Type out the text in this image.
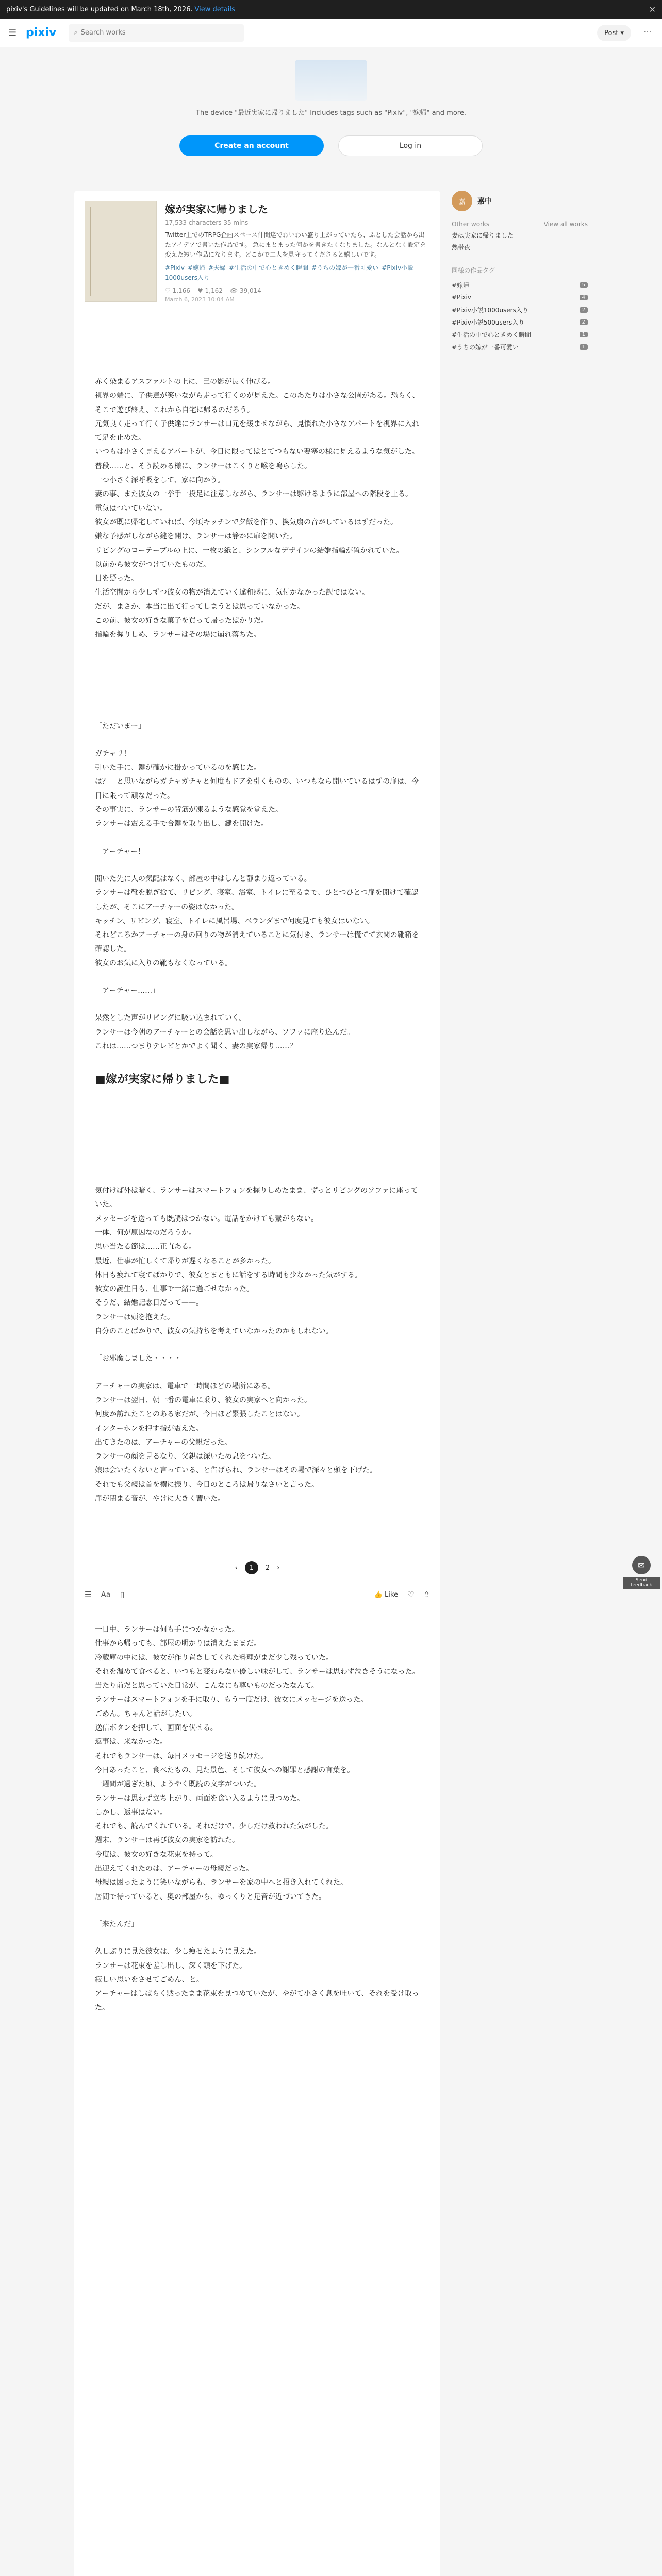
pixiv's Guidelines will be updated on March 18th, 2026. View details	✕
☰ pixiv	⌕
Search works	Post ▾	⋯
The device "最近実家に帰りました" Includes tags such as "Pixiv", "嫁帰" and more.
Create an account	Log in
嫁が実家に帰りました
17,533 characters 35 mins
Twitter上でのTRPG企画スペース仲間達でわいわい盛り上がっていたら、ふとした会話から出たアイデアで書いた作品です。 急にまとまった何かを書きたくなりました。なんとなく設定を変えた短い作品になります。どこかで二人を見守ってくださると嬉しいです。
#Pixiv #嫁帰 #夫婦 #生活の中で心ときめく瞬間 #うちの嫁が一番可愛い #Pixiv小説1000users入り
♡ 1,166 ♥ 1,162 👁 39,014
March 6, 2023 10:04 AM

赤く染まるアスファルトの上に、己の影が長く伸びる。

視界の端に、子供達が笑いながら走って行くのが見えた。このあたりは小さな公園がある。恐らく、そこで遊び終え、これから自宅に帰るのだろう。

元気良く走って行く子供達にランサーは口元を緩ませながら、見慣れた小さなアパートを視界に入れて足を止めた。

いつもは小さく見えるアパートが、今日に限ってはとてつもない要塞の様に見えるような気がした。

普段……と、そう読める様に、ランサーはこくりと喉を鳴らした。

一つ小さく深呼吸をして、家に向かう。

妻の事、また彼女の一挙手一投足に注意しながら、ランサーは駆けるように部屋への階段を上る。

電気はついていない。

彼女が既に帰宅していれば、今頃キッチンで夕飯を作り、換気扇の音がしているはずだった。

嫌な予感がしながら鍵を開け、ランサーは静かに扉を開いた。

リビングのローテーブルの上に、一枚の紙と、シンプルなデザインの結婚指輪が置かれていた。

以前から彼女がつけていたものだ。

目を疑った。

生活空間から少しずつ彼女の物が消えていく違和感に、気付かなかった訳ではない。

だが、まさか、本当に出て行ってしまうとは思っていなかった。

この前、彼女の好きな菓子を買って帰ったばかりだ。

指輪を握りしめ、ランサーはその場に崩れ落ちた。

「ただいまー」

ガチャリ！

引いた手に、鍵が確かに掛かっているのを感じた。

は？　と思いながらガチャガチャと何度もドアを引くものの、いつもなら開いているはずの扉は、今日に限って頑なだった。

その事実に、ランサーの背筋が凍るような感覚を覚えた。

ランサーは震える手で合鍵を取り出し、鍵を開けた。

「アーチャー！」

開いた先に人の気配はなく、部屋の中はしんと静まり返っている。

ランサーは靴を脱ぎ捨て、リビング、寝室、浴室、トイレに至るまで、ひとつひとつ扉を開けて確認したが、そこにアーチャーの姿はなかった。

キッチン、リビング、寝室、トイレに風呂場、ベランダまで何度見ても彼女はいない。

それどころかアーチャーの身の回りの物が消えていることに気付き、ランサーは慌てて玄関の靴箱を確認した。

彼女のお気に入りの靴もなくなっている。

「アーチャー……」

呆然とした声がリビングに吸い込まれていく。

ランサーは今朝のアーチャーとの会話を思い出しながら、ソファに座り込んだ。

これは……つまりテレビとかでよく聞く、妻の実家帰り……？

■嫁が実家に帰りました■

気付けば外は暗く、ランサーはスマートフォンを握りしめたまま、ずっとリビングのソファに座っていた。

メッセージを送っても既読はつかない。電話をかけても繋がらない。

一体、何が原因なのだろうか。

思い当たる節は……正直ある。

最近、仕事が忙しくて帰りが遅くなることが多かった。

休日も疲れて寝てばかりで、彼女とまともに話をする時間も少なかった気がする。

彼女の誕生日も、仕事で一緒に過ごせなかった。

そうだ、結婚記念日だって——。

ランサーは頭を抱えた。

自分のことばかりで、彼女の気持ちを考えていなかったのかもしれない。

「お邪魔しました・・・・」

アーチャーの実家は、電車で一時間ほどの場所にある。

ランサーは翌日、朝一番の電車に乗り、彼女の実家へと向かった。

何度か訪れたことのある家だが、今日ほど緊張したことはない。

インターホンを押す指が震えた。

出てきたのは、アーチャーの父親だった。

ランサーの顔を見るなり、父親は深いため息をついた。

娘は会いたくないと言っている、と告げられ、ランサーはその場で深々と頭を下げた。

それでも父親は首を横に振り、今日のところは帰りなさいと言った。

扉が閉まる音が、やけに大きく響いた。

‹	1	2 ›
☰ Aa ▯	👍 Like ♡ ⇪

一日中、ランサーは何も手につかなかった。

仕事から帰っても、部屋の明かりは消えたままだ。

冷蔵庫の中には、彼女が作り置きしてくれた料理がまだ少し残っていた。

それを温めて食べると、いつもと変わらない優しい味がして、ランサーは思わず泣きそうになった。

当たり前だと思っていた日常が、こんなにも尊いものだったなんて。

ランサーはスマートフォンを手に取り、もう一度だけ、彼女にメッセージを送った。

ごめん。ちゃんと話がしたい。

送信ボタンを押して、画面を伏せる。

返事は、来なかった。

それでもランサーは、毎日メッセージを送り続けた。

今日あったこと、食べたもの、見た景色、そして彼女への謝罪と感謝の言葉を。

一週間が過ぎた頃、ようやく既読の文字がついた。

ランサーは思わず立ち上がり、画面を食い入るように見つめた。

しかし、返事はない。

それでも、読んでくれている。それだけで、少しだけ救われた気がした。

週末、ランサーは再び彼女の実家を訪れた。

今度は、彼女の好きな花束を持って。

出迎えてくれたのは、アーチャーの母親だった。

母親は困ったように笑いながらも、ランサーを家の中へと招き入れてくれた。

居間で待っていると、奥の部屋から、ゆっくりと足音が近づいてきた。

「来たんだ」

久しぶりに見た彼女は、少し痩せたように見えた。

ランサーは花束を差し出し、深く頭を下げた。

寂しい思いをさせてごめん、と。

アーチャーはしばらく黙ったまま花束を見つめていたが、やがて小さく息を吐いて、それを受け取った。

嘉	嘉中
Other works	View all works
妻は実家に帰りました
熱帯夜
同様の作品タグ
#嫁帰	5
#Pixiv	4
#Pixiv小説1000users入り	2
#Pixiv小説500users入り	2
#生活の中で心ときめく瞬間	1
#うちの嫁が一番可愛い	1
✉
Send feedback
